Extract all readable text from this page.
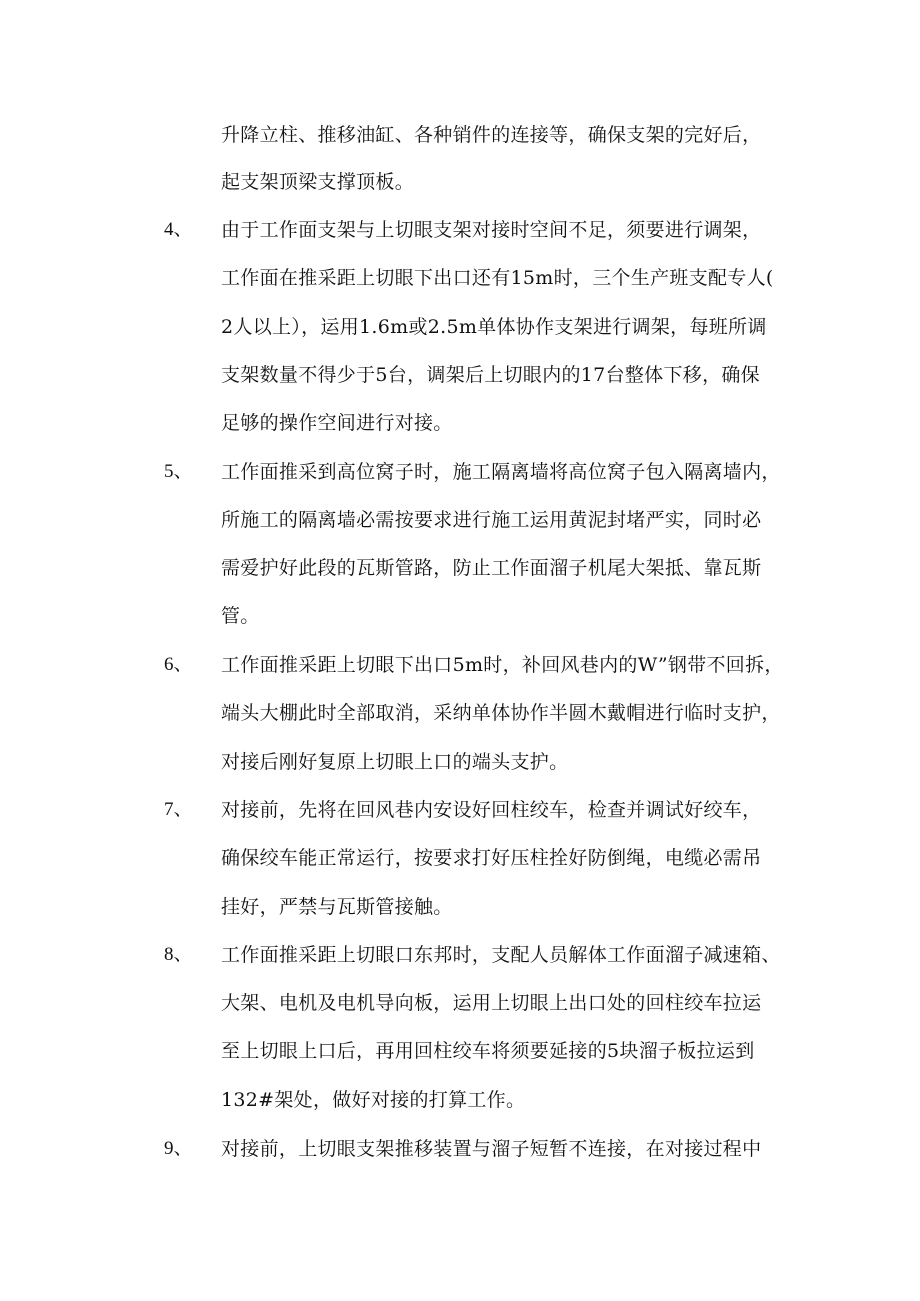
升降立柱、推移油缸、各种销件的连接等，确保支架的完好后，
起支架顶梁支撑顶板。
4、 由于工作面支架与上切眼支架对接时空间不足，须要进行调架，
工作面在推采距上切眼下出口还有15m时，三个生产班支配专人(
2人以上），运用1.6m或2.5m单体协作支架进行调架，每班所调
支架数量不得少于5台，调架后上切眼内的17台整体下移，确保
足够的操作空间进行对接。
5、 工作面推采到高位窝子时，施工隔离墙将高位窝子包入隔离墙内，
所施工的隔离墙必需按要求进行施工运用黄泥封堵严实，同时必
需爱护好此段的瓦斯管路，防止工作面溜子机尾大架抵、靠瓦斯
管。
6、 工作面推采距上切眼下出口5m时，补回风巷内的W”钢带不回拆，
端头大棚此时全部取消，采纳单体协作半圆木戴帽进行临时支护，
对接后刚好复原上切眼上口的端头支护。
7、 对接前，先将在回风巷内安设好回柱绞车，检查并调试好绞车，
确保绞车能正常运行，按要求打好压柱拴好防倒绳，电缆必需吊
挂好，严禁与瓦斯管接触。
8、 工作面推采距上切眼口东邦时，支配人员解体工作面溜子减速箱、
大架、电机及电机导向板，运用上切眼上出口处的回柱绞车拉运
至上切眼上口后，再用回柱绞车将须要延接的5块溜子板拉运到
132#架处，做好对接的打算工作。
9、 对接前，上切眼支架推移装置与溜子短暂不连接，在对接过程中
